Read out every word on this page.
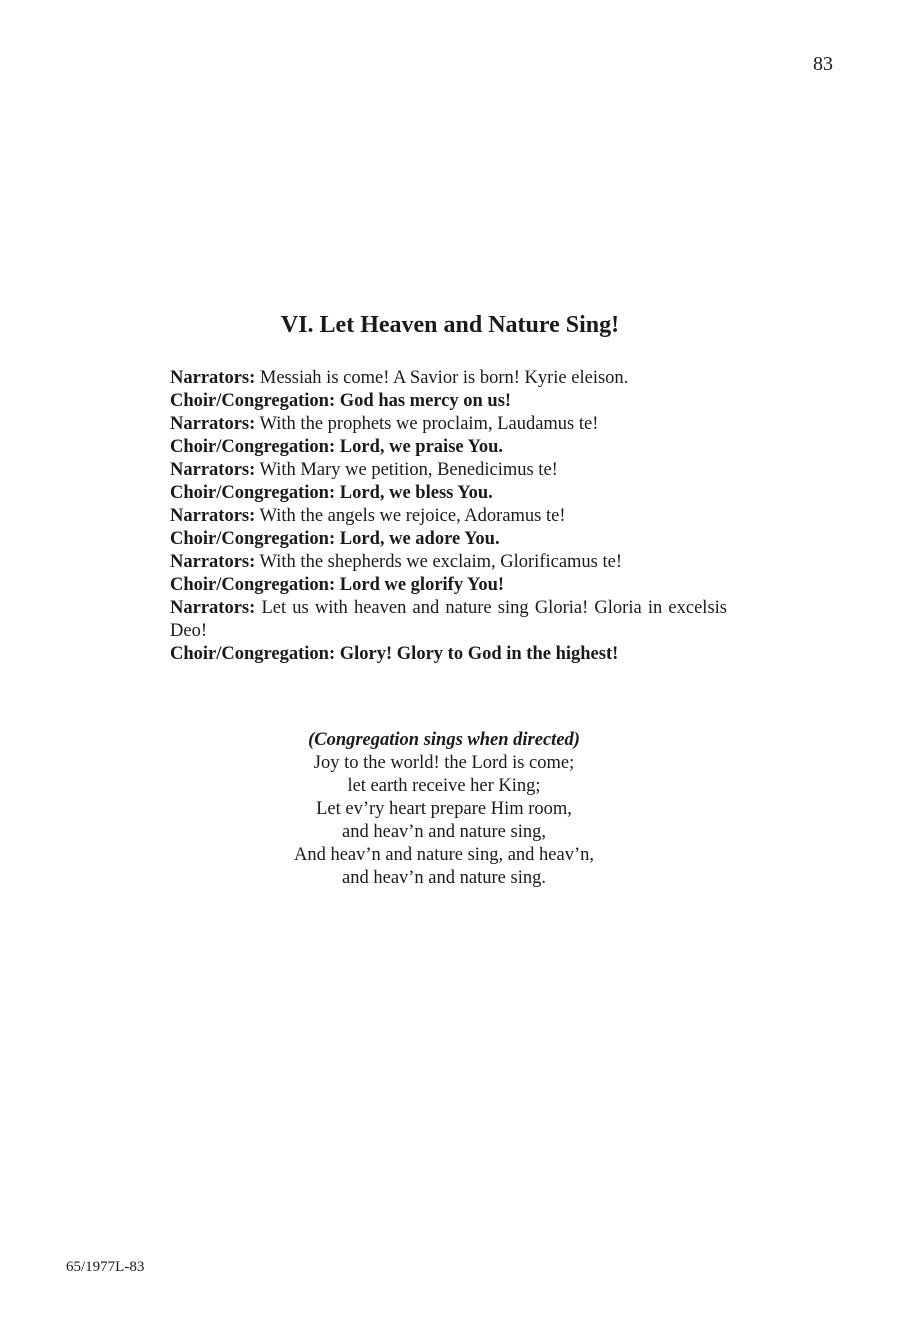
83
VI. Let Heaven and Nature Sing!
Narrators: Messiah is come! A Savior is born! Kyrie eleison.
Choir/Congregation: God has mercy on us!
Narrators: With the prophets we proclaim, Laudamus te!
Choir/Congregation: Lord, we praise You.
Narrators: With Mary we petition, Benedicimus te!
Choir/Congregation: Lord, we bless You.
Narrators: With the angels we rejoice, Adoramus te!
Choir/Congregation: Lord, we adore You.
Narrators: With the shepherds we exclaim, Glorificamus te!
Choir/Congregation: Lord we glorify You!
Narrators: Let us with heaven and nature sing Gloria! Gloria in excelsis Deo!
Choir/Congregation: Glory! Glory to God in the highest!
(Congregation sings when directed)
Joy to the world! the Lord is come;
let earth receive her King;
Let ev’ry heart prepare Him room,
and heav’n and nature sing,
And heav’n and nature sing, and heav’n,
and heav’n and nature sing.
65/1977L-83
